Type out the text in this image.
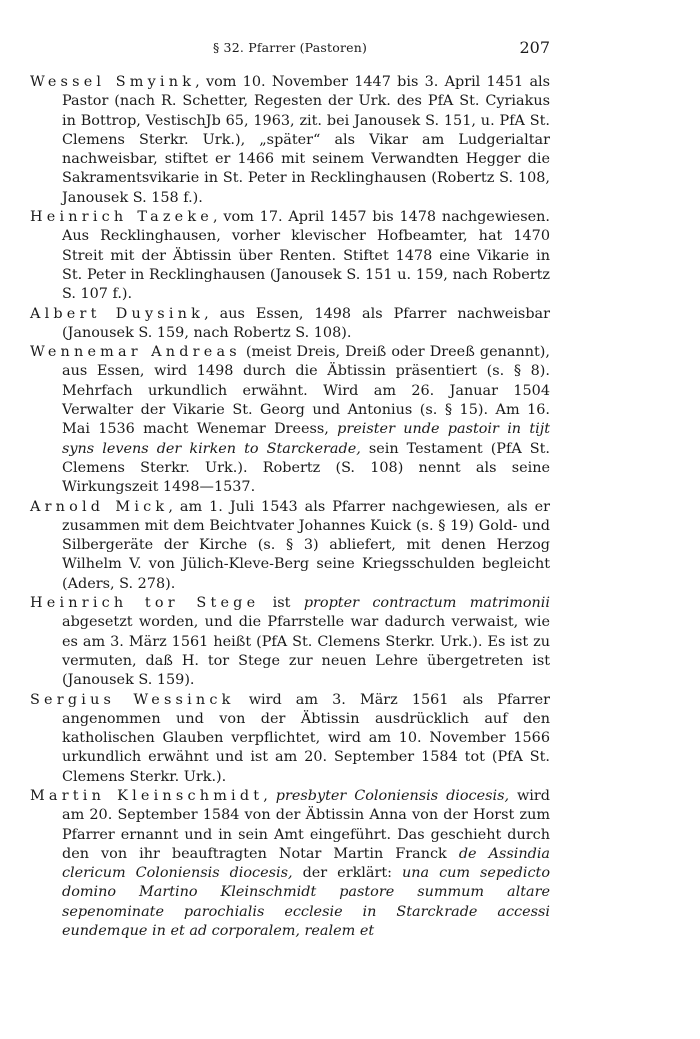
§ 32. Pfarrer (Pastoren)	207

Wessel Smyink, vom 10. November 1447 bis 3. April 1451 als Pastor (nach R. Schetter, Regesten der Urk. des PfA St. Cyriakus in Bottrop, VestischJb 65, 1963, zit. bei Janousek S. 151, u. PfA St. Clemens Sterkr. Urk.), „später“ als Vikar am Ludgerialtar nachweisbar, stiftet er 1466 mit seinem Verwandten Hegger die Sakramentsvikarie in St. Peter in Recklinghausen (Robertz S. 108, Janousek S. 158 f.).

Heinrich Tazeke, vom 17. April 1457 bis 1478 nachgewiesen. Aus Recklinghausen, vorher klevischer Hofbeamter, hat 1470 Streit mit der Äbtissin über Renten. Stiftet 1478 eine Vikarie in St. Peter in Recklinghausen (Janousek S. 151 u. 159, nach Robertz S. 107 f.).

Albert Duysink, aus Essen, 1498 als Pfarrer nachweisbar (Janousek S. 159, nach Robertz S. 108).

Wennemar Andreas (meist Dreis, Dreiß oder Dreeß genannt), aus Essen, wird 1498 durch die Äbtissin präsentiert (s. § 8). Mehrfach urkundlich erwähnt. Wird am 26. Januar 1504 Verwalter der Vikarie St. Georg und Antonius (s. § 15). Am 16. Mai 1536 macht Wenemar Dreess, preister unde pastoir in tijt syns levens der kirken to Starckerade, sein Testament (PfA St. Clemens Sterkr. Urk.). Robertz (S. 108) nennt als seine Wirkungszeit 1498—1537.

Arnold Mick, am 1. Juli 1543 als Pfarrer nachgewiesen, als er zusammen mit dem Beichtvater Johannes Kuick (s. § 19) Gold- und Silbergeräte der Kirche (s. § 3) abliefert, mit denen Herzog Wilhelm V. von Jülich-Kleve-Berg seine Kriegsschulden begleicht (Aders, S. 278).

Heinrich tor Stege ist propter contractum matrimonii abgesetzt worden, und die Pfarrstelle war dadurch verwaist, wie es am 3. März 1561 heißt (PfA St. Clemens Sterkr. Urk.). Es ist zu vermuten, daß H. tor Stege zur neuen Lehre übergetreten ist (Janousek S. 159).

Sergius Wessinck wird am 3. März 1561 als Pfarrer angenommen und von der Äbtissin ausdrücklich auf den katholischen Glauben verpflichtet, wird am 10. November 1566 urkundlich erwähnt und ist am 20. September 1584 tot (PfA St. Clemens Sterkr. Urk.).

Martin Kleinschmidt, presbyter Coloniensis diocesis, wird am 20. September 1584 von der Äbtissin Anna von der Horst zum Pfarrer ernannt und in sein Amt eingeführt. Das geschieht durch den von ihr beauftragten Notar Martin Franck de Assindia clericum Coloniensis diocesis, der erklärt: una cum sepedicto domino Martino Kleinschmidt pastore summum altare sepenominate parochialis ecclesie in Starckrade accessi eundemque in et ad corporalem, realem et
